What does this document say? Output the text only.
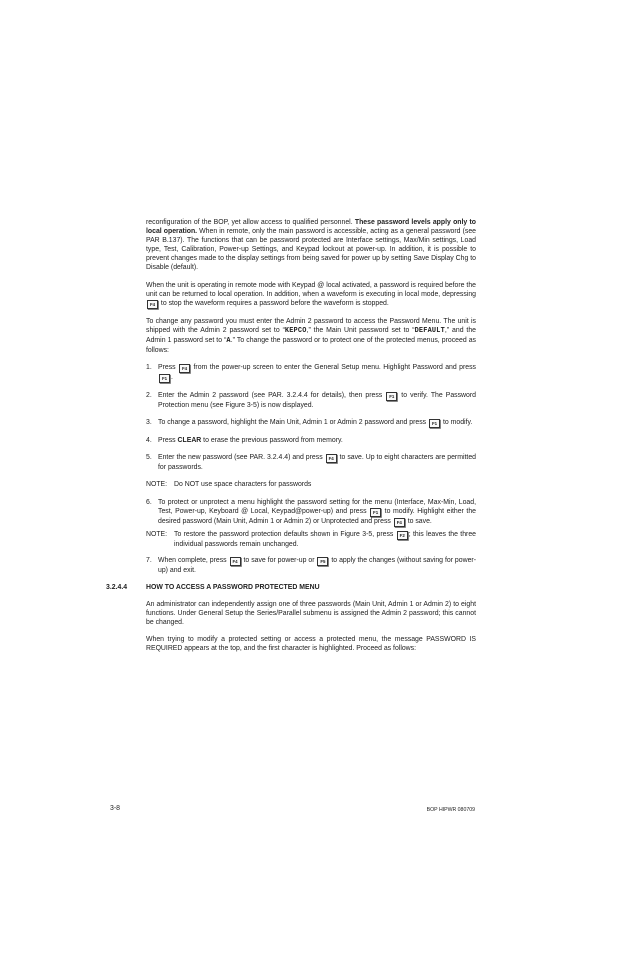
reconfiguration of the BOP, yet allow access to qualified personnel. These password levels apply only to local operation. When in remote, only the main password is accessible, acting as a general password (see PAR B.137). The functions that can be password protected are Interface settings, Max/Min settings, Load type, Test, Calibration, Power-up Settings, and Keypad lockout at power-up. In addition, it is possible to prevent changes made to the display settings from being saved for power up by setting Save Display Chg to Disable (default).

When the unit is operating in remote mode with Keypad @ local activated, a password is required before the unit can be returned to local operation. In addition, when a waveform is executing in local mode, depressing F4 to stop the waveform requires a password before the waveform is stopped.

To change any password you must enter the Admin 2 password to access the Password Menu. The unit is shipped with the Admin 2 password set to “KEPCO,” the Main Unit password set to “DEFAULT,” and the Admin 1 password set to “A.” To change the password or to protect one of the protected menus, proceed as follows:

1. Press F4 from the power-up screen to enter the General Setup menu. Highlight Password and press F1 .
2. Enter the Admin 2 password (see PAR. 3.2.4.4 for details), then press F1 to verify. The Password Protection menu (see Figure 3-5) is now displayed.
3. To change a password, highlight the Main Unit, Admin 1 or Admin 2 password and press F1 to modify.
4. Press CLEAR to erase the previous password from memory.
5. Enter the new password (see PAR. 3.2.4.4) and press F4 to save. Up to eight characters are permitted for passwords.
NOTE: Do NOT use space characters for passwords
6. To protect or unprotect a menu highlight the password setting for the menu (Interface, Max-Min, Load, Test, Power-up, Keyboard @ Local, Keypad@power-up) and press F1 to modify. Highlight either the desired password (Main Unit, Admin 1 or Admin 2) or Unprotected and press F4 to save.
NOTE: To restore the password protection defaults shown in Figure 3-5, press F2 ; this leaves the three individual passwords remain unchanged.
7. When complete, press F4 to save for power-up or F5 to apply the changes (without saving for power-up) and exit.
3.2.4.4	HOW TO ACCESS A PASSWORD PROTECTED MENU

An administrator can independently assign one of three passwords (Main Unit, Admin 1 or Admin 2) to eight functions. Under General Setup the Series/Parallel submenu is assigned the Admin 2 password; this cannot be changed.

When trying to modify a protected setting or access a protected menu, the message PASSWORD IS REQUIRED appears at the top, and the first character is highlighted. Proceed as follows:

3-8	BOP HIPWR 080709
